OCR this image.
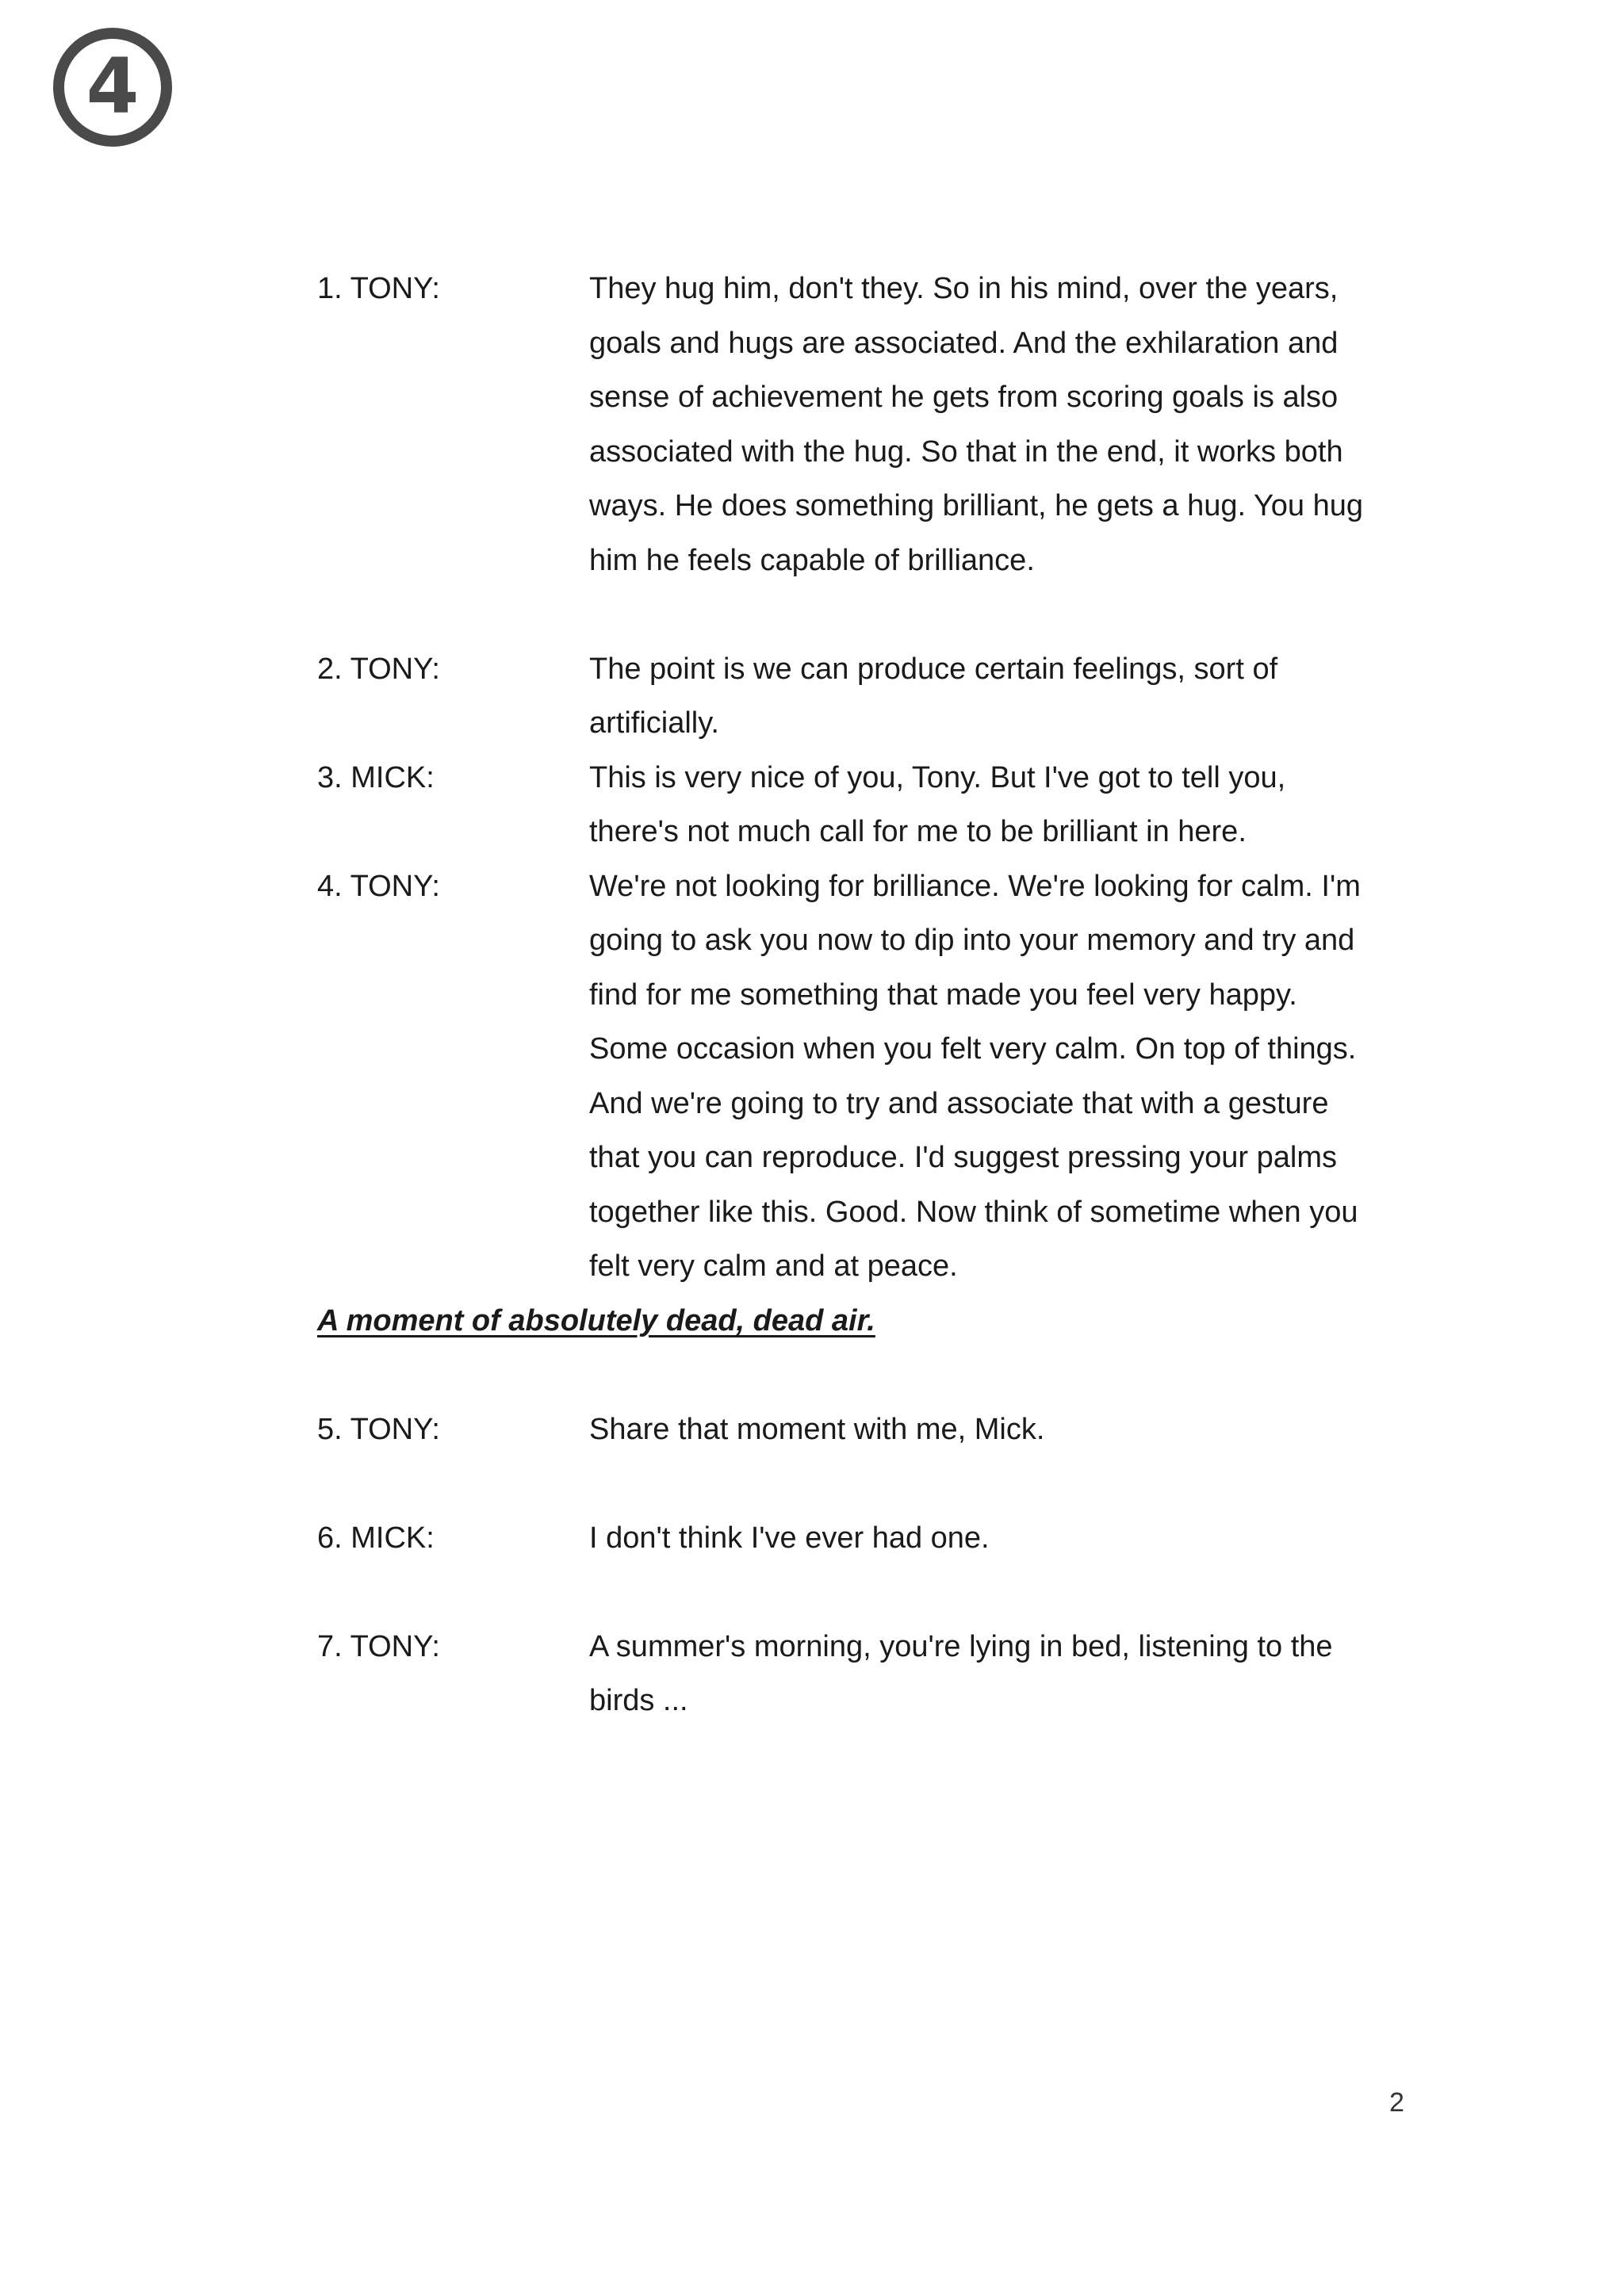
4
1. TONY:	They hug him, don't they. So in his mind, over the years,
goals and hugs are associated. And the exhilaration and
sense of achievement he gets from scoring goals is also
associated with the hug. So that in the end, it works both
ways. He does something brilliant, he gets a hug. You hug
him he feels capable of brilliance.
2. TONY:	The point is we can produce certain feelings, sort of
artificially.
3. MICK:	This is very nice of you, Tony. But I've got to tell you,
there's not much call for me to be brilliant in here.
4. TONY:	We're not looking for brilliance. We're looking for calm. I'm
going to ask you now to dip into your memory and try and
find for me something that made you feel very happy.
Some occasion when you felt very calm. On top of things.
And we're going to try and associate that with a gesture
that you can reproduce. I'd suggest pressing your palms
together like this. Good. Now think of sometime when you
felt very calm and at peace.
A moment of absolutely dead, dead air.
5. TONY:	Share that moment with me, Mick.
6. MICK:	I don't think I've ever had one.
7. TONY:	A summer's morning, you're lying in bed, listening to the
birds ...
2
